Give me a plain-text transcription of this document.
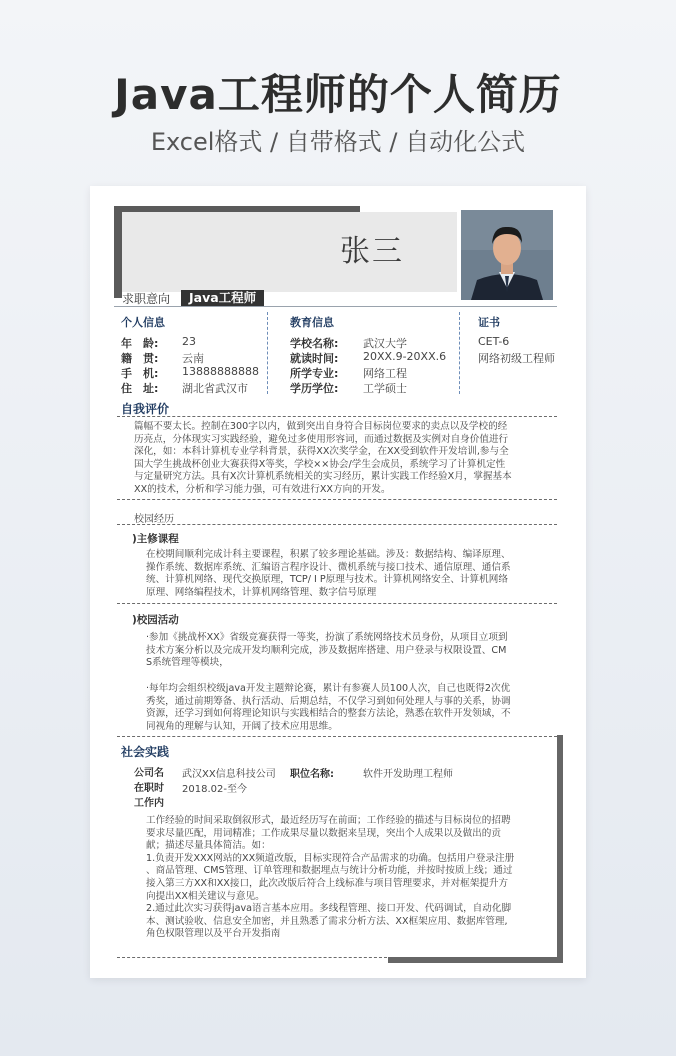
Java工程师的个人简历
Excel格式 / 自带格式 / 自动化公式
张三
求职意向	Java工程师
个人信息
年　龄: 23
籍　贯: 云南
手　机: 13888888888
住　址: 湖北省武汉市
教育信息
学校名称: 武汉大学
就读时间: 20XX.9-20XX.6
所学专业: 网络工程
学历学位: 工学硕士
证书
CET-6
网络初级工程师
自我评价
篇幅不要太长。控制在300字以内，做到突出自身符合目标岗位要求的卖点以及学校的经
历亮点，分体现实习实践经验，避免过多使用形容词，而通过数据及实例对自身价值进行
深化，如：本科计算机专业学科背景，获得XX次奖学金，在XX受到软件开发培训,参与全
国大学生挑战杯创业大赛获得X等奖，学校××协会/学生会成员，系统学习了计算机定性
与定量研究方法。具有X次计算机系统相关的实习经历，累计实践工作经验X月，掌握基本
XX的技术，分析和学习能力强，可有效进行XX方向的开发。
校园经历
)主修课程
在校期间顺利完成计科主要课程，积累了较多理论基础。涉及：数据结构、编译原理、
操作系统、数据库系统、汇编语言程序设计、微机系统与接口技术、通信原理、通信系
统、计算机网络、现代交换原理，TCP/ I P原理与技术。计算机网络安全、计算机网络
原理、网络编程技术，计算机网络管理、数字信号原理
)校园活动
·参加《挑战杯XX》省级竞赛获得一等奖，扮演了系统网络技术员身份，从项目立项到
技术方案分析以及完成开发均顺利完成，涉及数据库搭建、用户登录与权限设置、CM
S系统管理等模块，
·每年均会组织校级java开发主题辩论赛，累计有参赛人员100人次，自己也既得2次优
秀奖，通过前期筹备、执行活动、后期总结，不仅学习到如何处理人与事的关系，协调
资源，还学习到如何将理论知识与实践相结合的整套方法论，熟悉在软件开发领域，不
同视角的理解与认知，开阔了技术应用思维。
社会实践
公司名 武汉XX信息科技公司 职位名称:	软件开发助理工程师
在职时 2018.02-至今
工作内
工作经验的时间采取倒叙形式，最近经历写在前面；工作经验的描述与目标岗位的招聘
要求尽量匹配，用词精准；工作成果尽量以数据来呈现，突出个人成果以及做出的贡
献；描述尽量具体简洁。如：
1.负责开发XXX网站的XX频道改版，目标实现符合产品需求的功确。包括用户登录注册
、商品管理、CMS管理、订单管理和数据埋点与统计分析功能，并按时按质上线；通过
接入第三方XX和XX接口，此次改版后符合上线标准与项目管理要求，并对框架提升方
向提出XX相关建议与意见。
2.通过此次实习获得java语言基本应用。多线程管理、接口开发、代码调试，自动化脚
本、测试验收、信息安全加密，并且熟悉了需求分析方法、XX框架应用、数据库管理,
角色权限管理以及平台开发指南
